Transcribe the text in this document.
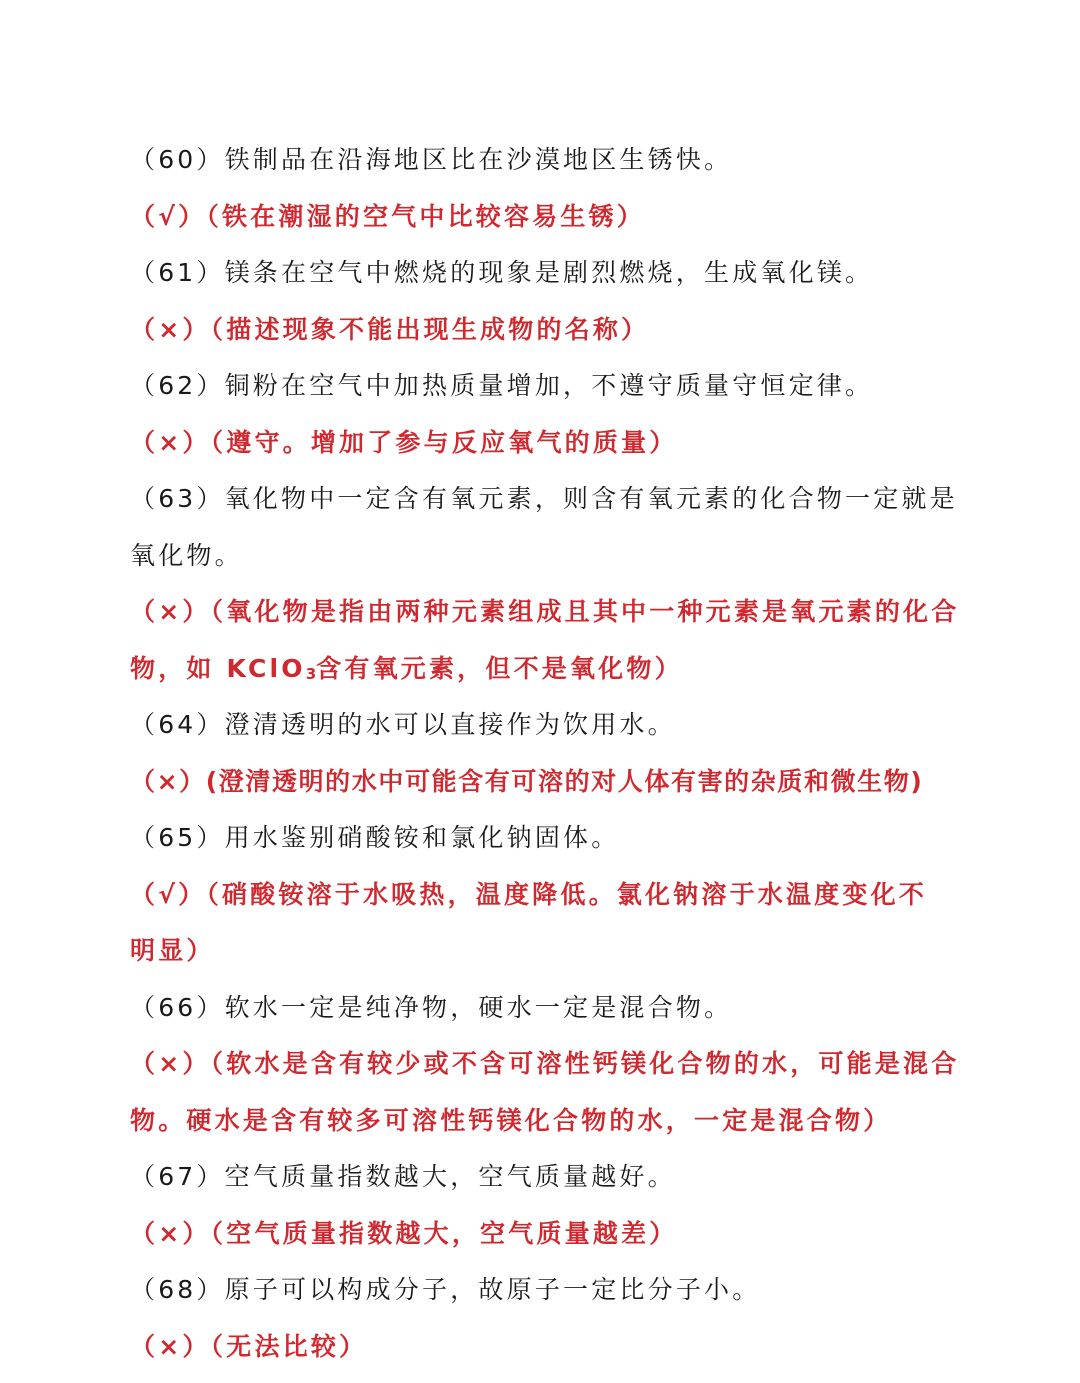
（60）铁制品在沿海地区比在沙漠地区生锈快。
（√）（铁在潮湿的空气中比较容易生锈）
（61）镁条在空气中燃烧的现象是剧烈燃烧，生成氧化镁。
（×）（描述现象不能出现生成物的名称）
（62）铜粉在空气中加热质量增加，不遵守质量守恒定律。
（×）（遵守。增加了参与反应氧气的质量）
（63）氧化物中一定含有氧元素，则含有氧元素的化合物一定就是
氧化物。
（×）（氧化物是指由两种元素组成且其中一种元素是氧元素的化合
物，如 KClO$_3$含有氧元素，但不是氧化物）
（64）澄清透明的水可以直接作为饮用水。
（×）(澄清透明的水中可能含有可溶的对人体有害的杂质和微生物)
（65）用水鉴别硝酸铵和氯化钠固体。
（√）（硝酸铵溶于水吸热，温度降低。氯化钠溶于水温度变化不
明显）
（66）软水一定是纯净物，硬水一定是混合物。
（×）（软水是含有较少或不含可溶性钙镁化合物的水，可能是混合
物。硬水是含有较多可溶性钙镁化合物的水，一定是混合物）
（67）空气质量指数越大，空气质量越好。
（×）（空气质量指数越大，空气质量越差）
（68）原子可以构成分子，故原子一定比分子小。
（×）（无法比较）
